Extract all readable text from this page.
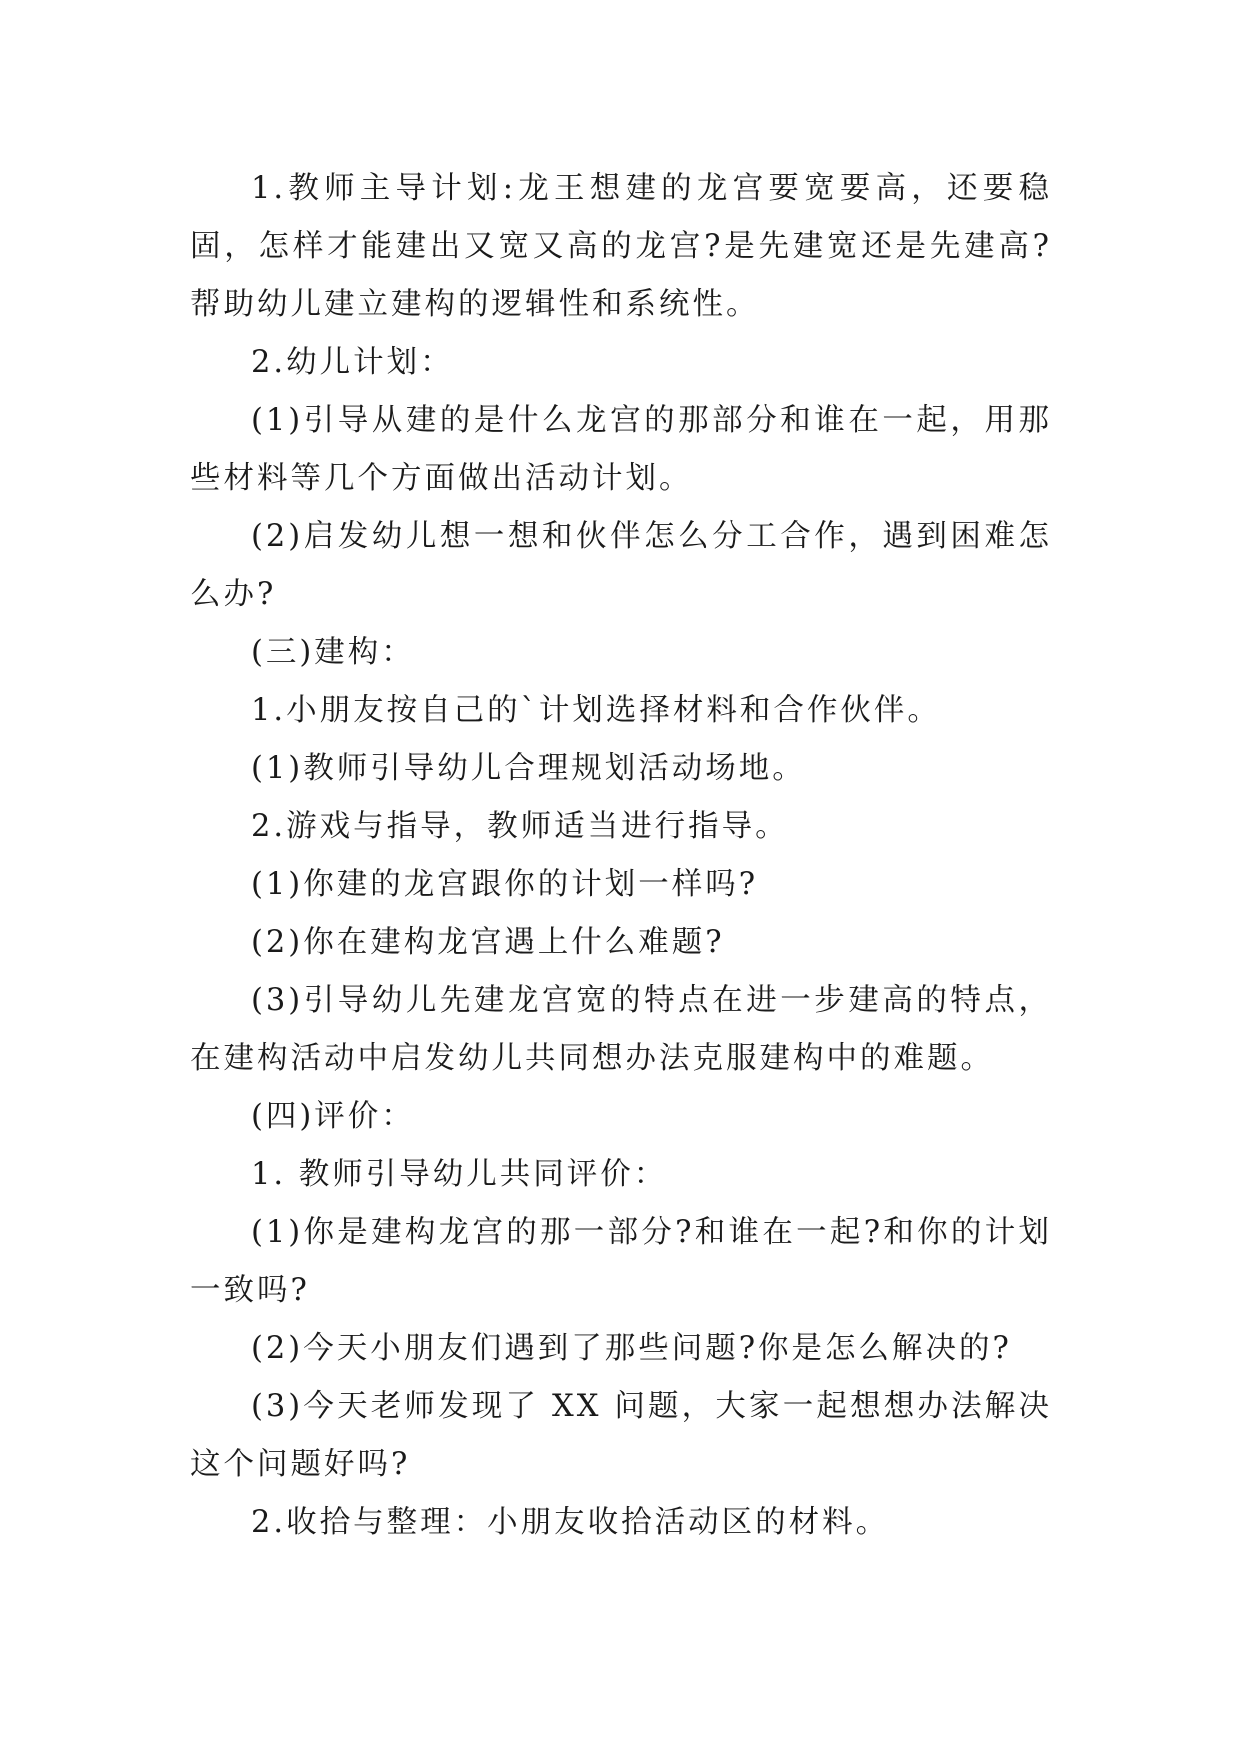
1.教师主导计划:龙王想建的龙宫要宽要高，还要稳固，怎样才能建出又宽又高的龙宫?是先建宽还是先建高?帮助幼儿建立建构的逻辑性和系统性。

2.幼儿计划：

(1)引导从建的是什么龙宫的那部分和谁在一起，用那些材料等几个方面做出活动计划。

(2)启发幼儿想一想和伙伴怎么分工合作，遇到困难怎么办?

(三)建构：

1.小朋友按自己的`计划选择材料和合作伙伴。

(1)教师引导幼儿合理规划活动场地。

2.游戏与指导，教师适当进行指导。

(1)你建的龙宫跟你的计划一样吗?

(2)你在建构龙宫遇上什么难题?

(3)引导幼儿先建龙宫宽的特点在进一步建高的特点，在建构活动中启发幼儿共同想办法克服建构中的难题。

(四)评价：

1. 教师引导幼儿共同评价：

(1)你是建构龙宫的那一部分?和谁在一起?和你的计划一致吗?

(2)今天小朋友们遇到了那些问题?你是怎么解决的?

(3)今天老师发现了 XX 问题，大家一起想想办法解决这个问题好吗?

2.收拾与整理：小朋友收拾活动区的材料。
